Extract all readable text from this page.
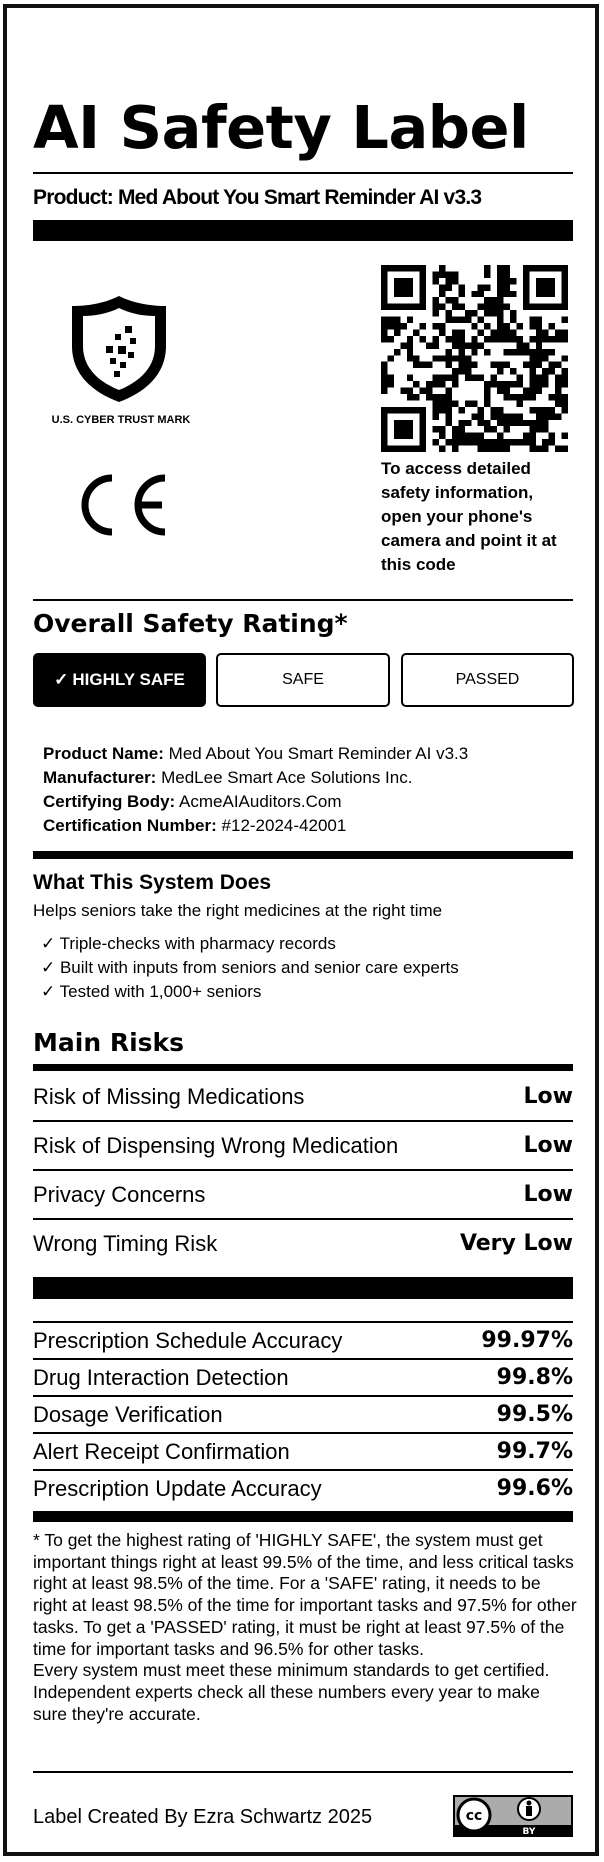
AI Safety Label
Product: Med About You Smart Reminder AI v3.3
U.S. CYBER TRUST MARK
To access detailed safety information, open your phone's camera and point it at this code
Overall Safety Rating*
✓ HIGHLY SAFE	SAFE	PASSED
Product Name: Med About You Smart Reminder AI v3.3
Manufacturer: MedLee Smart Ace Solutions Inc.
Certifying Body: AcmeAIAuditors.Com
Certification Number: #12-2024-42001
What This System Does
Helps seniors take the right medicines at the right time
✓ Triple-checks with pharmacy records
✓ Built with inputs from seniors and senior care experts
✓ Tested with 1,000+ seniors
Main Risks
Risk of Missing Medications	Low
Risk of Dispensing Wrong Medication	Low
Privacy Concerns	Low
Wrong Timing Risk	Very Low
Prescription Schedule Accuracy	99.97%
Drug Interaction Detection	99.8%
Dosage Verification	99.5%
Alert Receipt Confirmation	99.7%
Prescription Update Accuracy	99.6%
* To get the highest rating of 'HIGHLY SAFE', the system must get important things right at least 99.5% of the time, and less critical tasks right at least 98.5% of the time. For a 'SAFE' rating, it needs to be right at least 98.5% of the time for important tasks and 97.5% for other tasks. To get a 'PASSED' rating, it must be right at least 97.5% of the time for important tasks and 96.5% for other tasks.
Every system must meet these minimum standards to get certified. Independent experts check all these numbers every year to make sure they're accurate.
Label Created By Ezra Schwartz 2025	cc
BY
